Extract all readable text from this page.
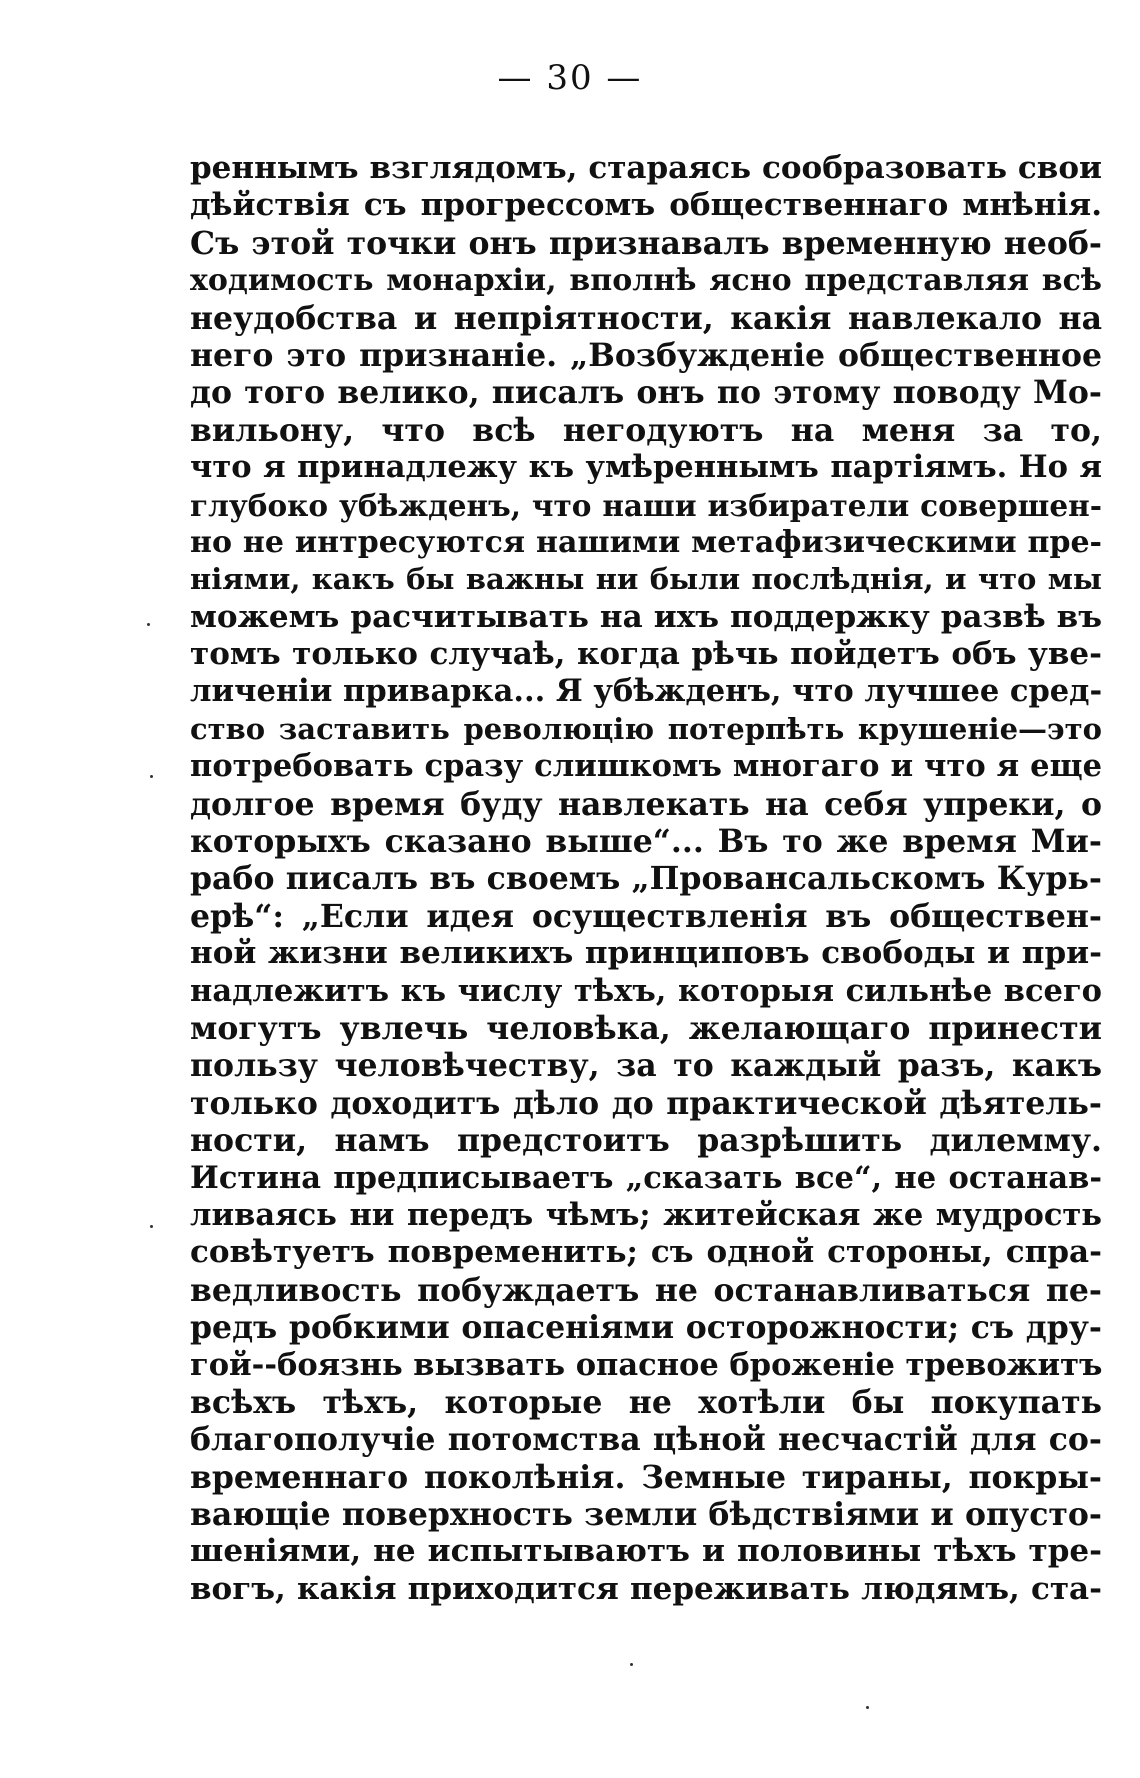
— 30 —
реннымъ взглядомъ, стараясь сообразовать свои
дѣйствія съ прогрессомъ общественнаго мнѣнія.
Съ этой точки онъ признавалъ временную необ-
ходимость монархіи, вполнѣ ясно представляя всѣ
неудобства и непріятности, какія навлекало на
него это признаніе. „Возбужденіе общественное
до того велико, писалъ онъ по этому поводу Мо-
вильону, что всѣ негодуютъ на меня за то,
что я принадлежу къ умѣреннымъ партіямъ. Но я
глубоко убѣжденъ, что наши избиратели совершен-
но не интресуются нашими метафизическими пре-
ніями, какъ бы важны ни были послѣднія, и что мы
можемъ расчитывать на ихъ поддержку развѣ въ
томъ только случаѣ, когда рѣчь пойдетъ объ уве-
личеніи приварка... Я убѣжденъ, что лучшее сред-
ство заставить революцію потерпѣть крушеніе—это
потребовать сразу слишкомъ многаго и что я еще
долгое время буду навлекать на себя упреки, о
которыхъ сказано выше“... Въ то же время Ми-
рабо писалъ въ своемъ „Провансальскомъ Курь-
ерѣ“: „Если идея осуществленія въ обществен-
ной жизни великихъ принциповъ свободы и при-
надлежитъ къ числу тѣхъ, которыя сильнѣе всего
могутъ увлечь человѣка, желающаго принести
пользу человѣчеству, за то каждый разъ, какъ
только доходитъ дѣло до практической дѣятель-
ности, намъ предстоитъ разрѣшить дилемму.
Истина предписываетъ „сказать все“, не останав-
ливаясь ни передъ чѣмъ; житейская же мудрость
совѣтуетъ повременить; съ одной стороны, спра-
ведливость побуждаетъ не останавливаться пе-
редъ робкими опасеніями осторожности; съ дру-
гой--боязнь вызвать опасное броженіе тревожитъ
всѣхъ тѣхъ, которые не хотѣли бы покупать
благополучіе потомства цѣной несчастій для со-
временнаго поколѣнія. Земные тираны, покры-
вающіе поверхность земли бѣдствіями и опусто-
шеніями, не испытываютъ и половины тѣхъ тре-
вогъ, какія приходится переживать людямъ, ста-
